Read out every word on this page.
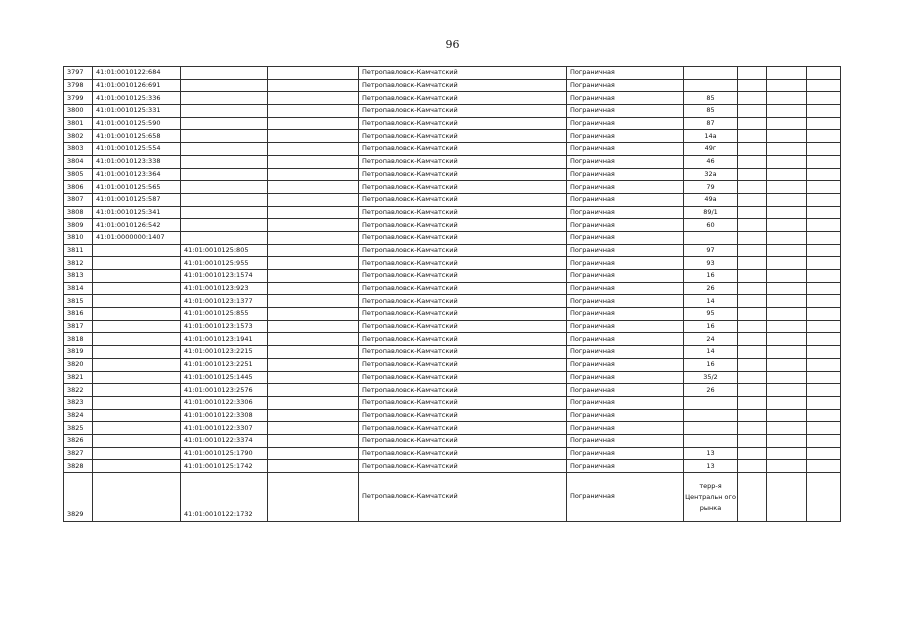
96
3797	41:01:0010122:684			Петропавловск-Камчатский		Пограничная				
3798	41:01:0010126:691			Петропавловск-Камчатский		Пограничная				
3799	41:01:0010125:336			Петропавловск-Камчатский		Пограничная	85			
3800	41:01:0010125:331			Петропавловск-Камчатский		Пограничная	85			
3801	41:01:0010125:590			Петропавловск-Камчатский		Пограничная	87			
3802	41:01:0010125:658			Петропавловск-Камчатский		Пограничная	14а			
3803	41:01:0010125:554			Петропавловск-Камчатский		Пограничная	49г			
3804	41:01:0010123:338			Петропавловск-Камчатский		Пограничная	46			
3805	41:01:0010123:364			Петропавловск-Камчатский		Пограничная	32а			
3806	41:01:0010125:565			Петропавловск-Камчатский		Пограничная	79			
3807	41:01:0010125:587			Петропавловск-Камчатский		Пограничная	49а			
3808	41:01:0010125:341			Петропавловск-Камчатский		Пограничная	89/1			
3809	41:01:0010126:542			Петропавловск-Камчатский		Пограничная	60			
3810	41:01:0000000:1407			Петропавловск-Камчатский		Пограничная				
3811		41:01:0010125:805		Петропавловск-Камчатский		Пограничная	97			
3812		41:01:0010125:955		Петропавловск-Камчатский		Пограничная	93			
3813		41:01:0010123:1574		Петропавловск-Камчатский		Пограничная	16			
3814		41:01:0010123:923		Петропавловск-Камчатский		Пограничная	26			
3815		41:01:0010123:1377		Петропавловск-Камчатский		Пограничная	14			
3816		41:01:0010125:855		Петропавловск-Камчатский		Пограничная	95			
3817		41:01:0010123:1573		Петропавловск-Камчатский		Пограничная	16			
3818		41:01:0010123:1941		Петропавловск-Камчатский		Пограничная	24			
3819		41:01:0010123:2215		Петропавловск-Камчатский		Пограничная	14			
3820		41:01:0010123:2251		Петропавловск-Камчатский		Пограничная	16			
3821		41:01:0010125:1445		Петропавловск-Камчатский		Пограничная	35/2			
3822		41:01:0010123:2576		Петропавловск-Камчатский		Пограничная	26			
3823		41:01:0010122:3306		Петропавловск-Камчатский		Пограничная				
3824		41:01:0010122:3308		Петропавловск-Камчатский		Пограничная				
3825		41:01:0010122:3307		Петропавловск-Камчатский		Пограничная				
3826		41:01:0010122:3374		Петропавловск-Камчатский		Пограничная				
3827		41:01:0010125:1790		Петропавловск-Камчатский		Пограничная	13			
3828		41:01:0010125:1742		Петропавловск-Камчатский		Пограничная	13			
3829		41:01:0010122:1732		Петропавловск-Камчатский		Пограничная	терр-я Центральн ого рынка			
